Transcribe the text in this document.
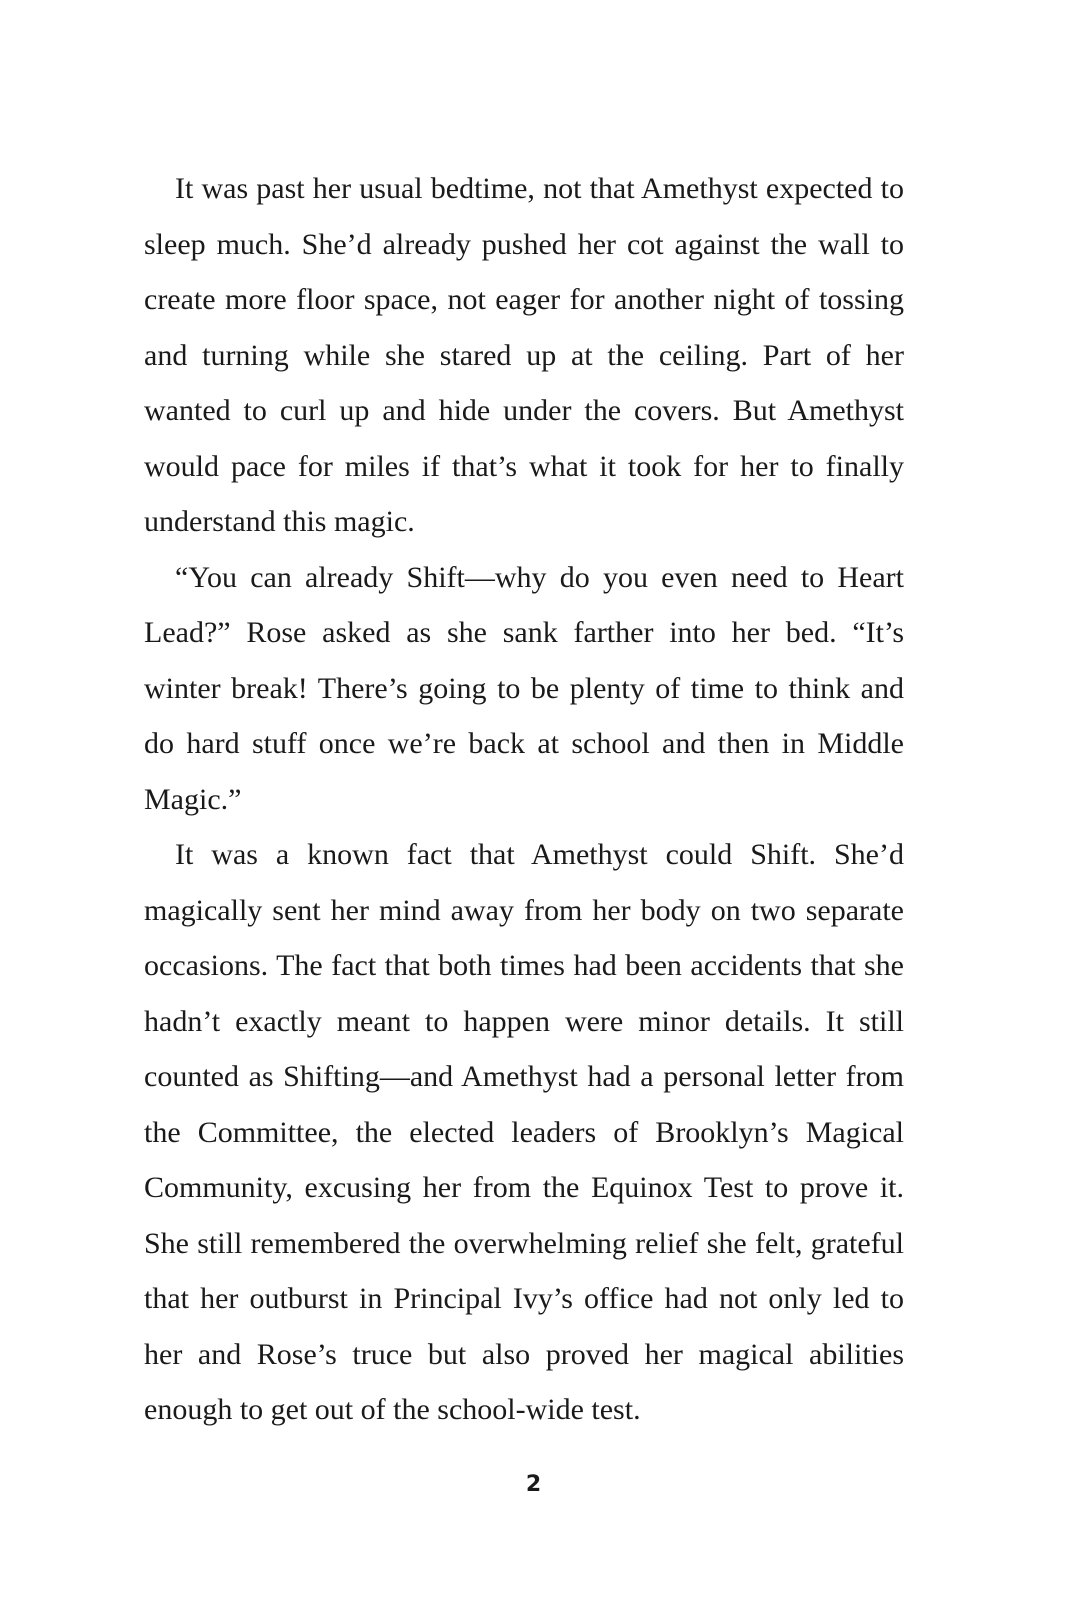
It was past her usual bedtime, not that Amethyst expected to sleep much. She’d already pushed her cot against the wall to create more floor space, not eager for another night of tossing and turning while she stared up at the ceiling. Part of her wanted to curl up and hide under the covers. But Amethyst would pace for miles if that’s what it took for her to finally understand this magic.

“You can already Shift—why do you even need to Heart Lead?” Rose asked as she sank farther into her bed. “It’s winter break! There’s going to be plenty of time to think and do hard stuff once we’re back at school and then in Middle Magic.”

It was a known fact that Amethyst could Shift. She’d magically sent her mind away from her body on two separate occasions. The fact that both times had been accidents that she hadn’t exactly meant to happen were minor details. It still counted as Shifting—and Amethyst had a personal letter from the Committee, the elected leaders of Brooklyn’s Magical Community, excusing her from the Equinox Test to prove it. She still remembered the overwhelming relief she felt, grateful that her outburst in Principal Ivy’s office had not only led to her and Rose’s truce but also proved her magical abilities enough to get out of the school-wide test.

2
